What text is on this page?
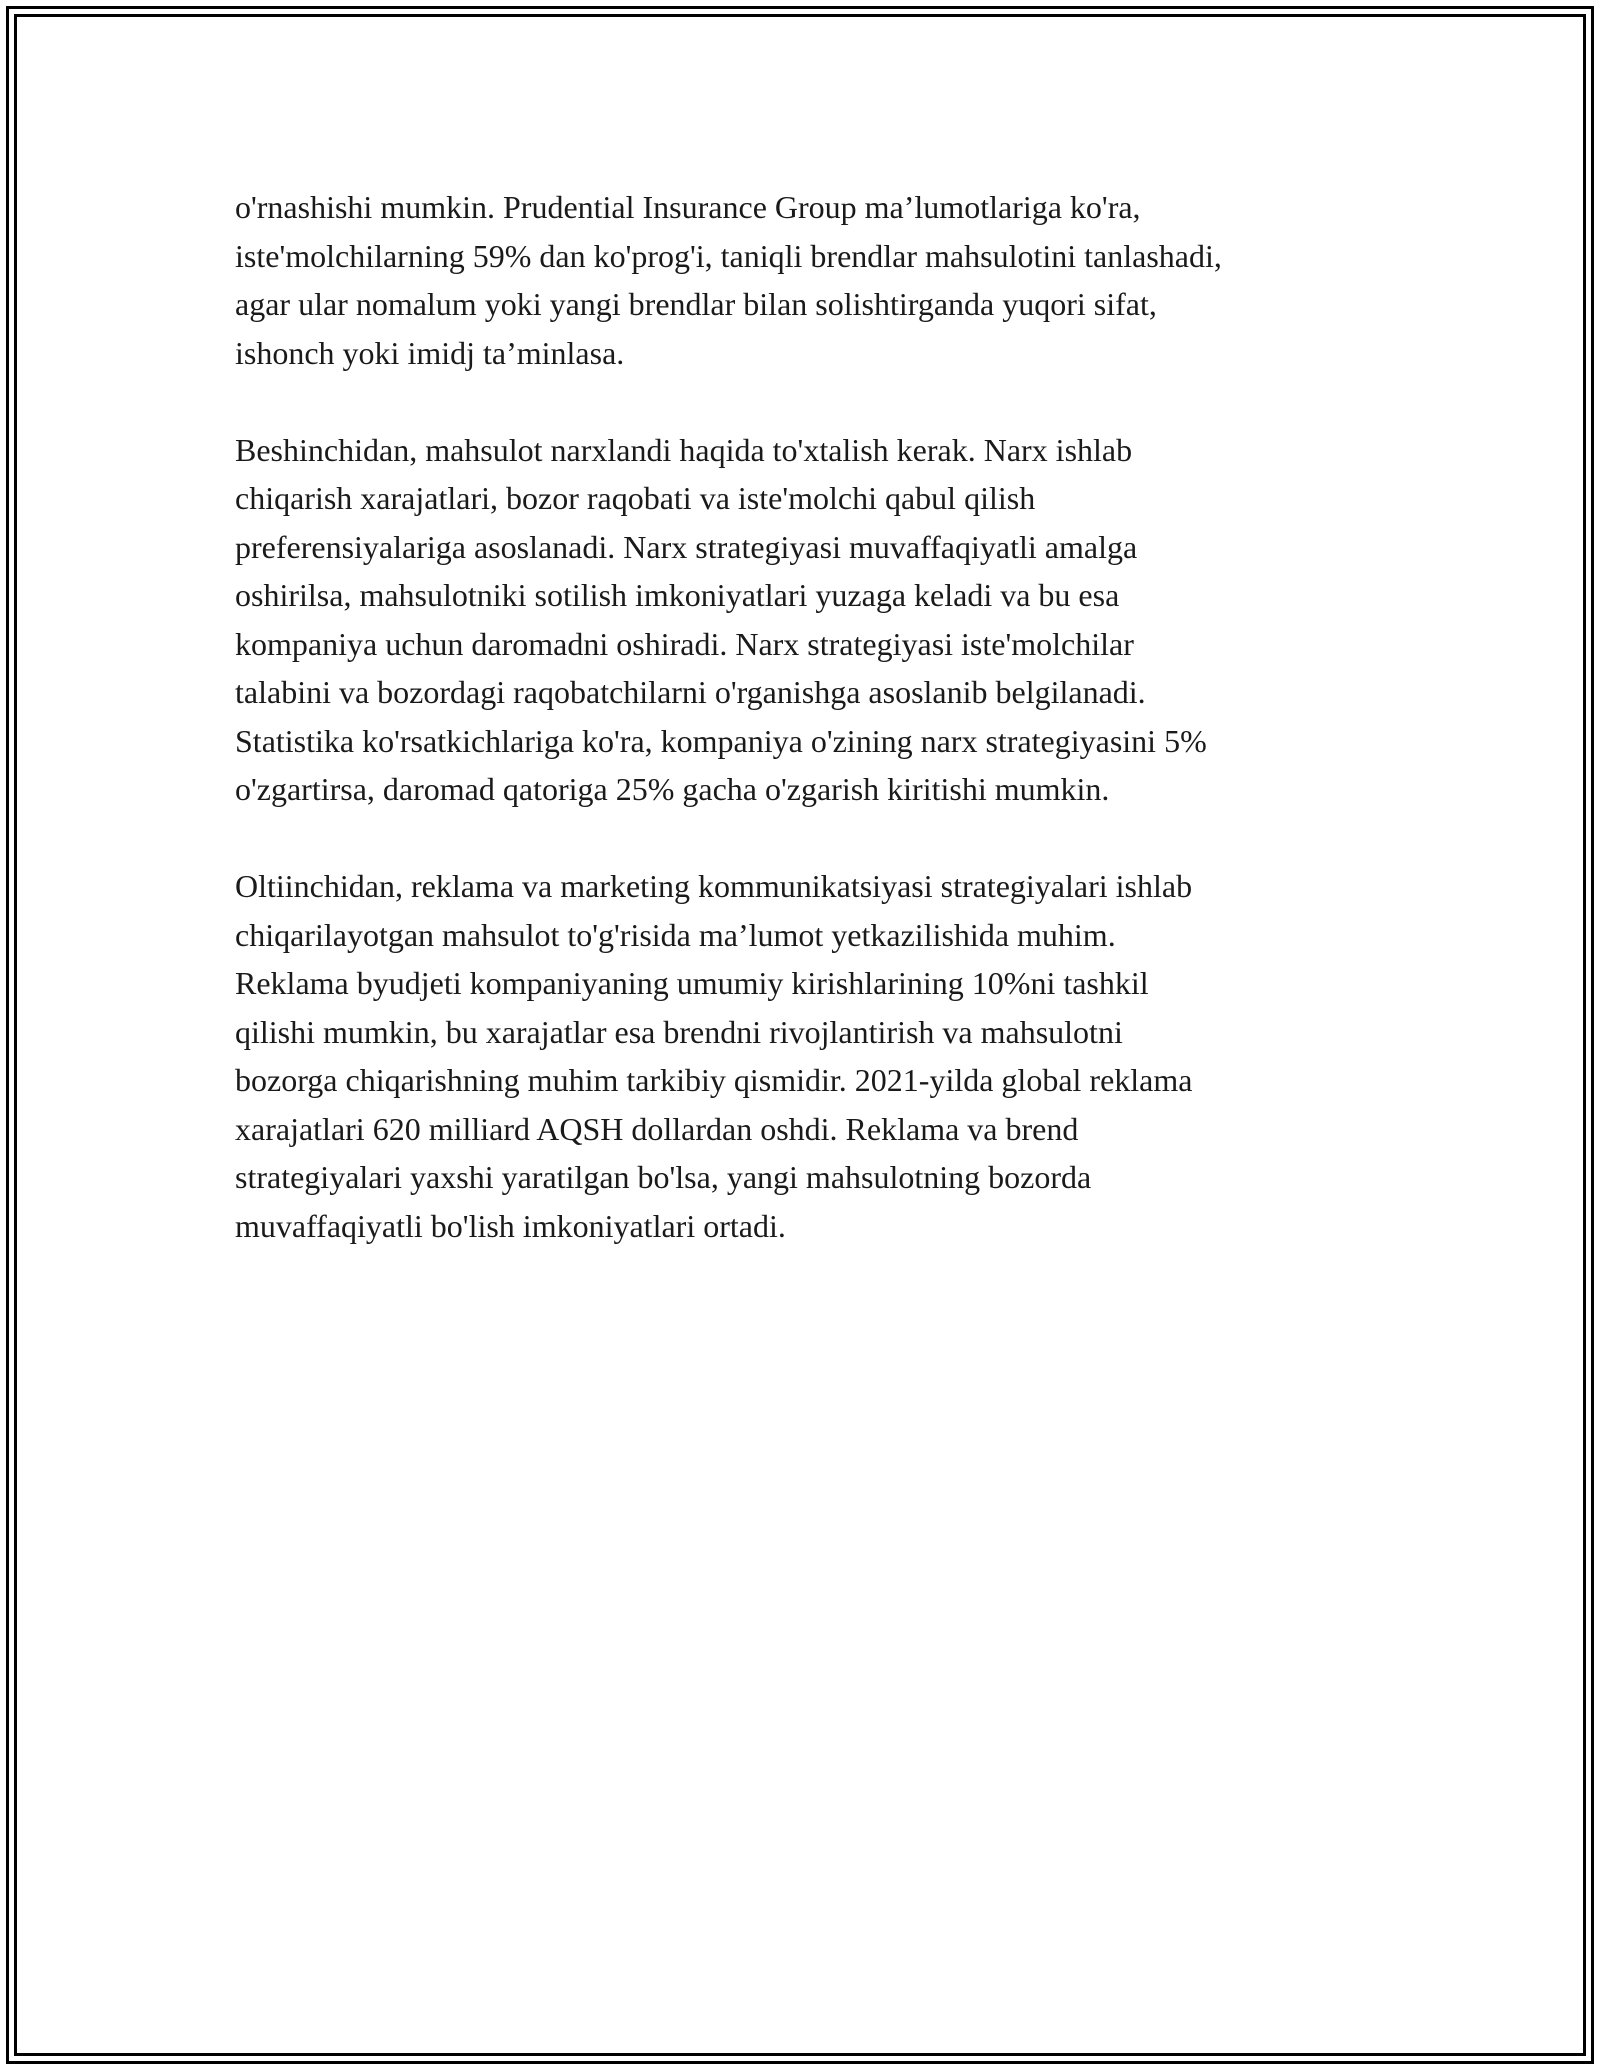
o'rnashishi mumkin. Prudential Insurance Group ma’lumotlariga ko'ra,
iste'molchilarning 59% dan ko'prog'i, taniqli brendlar mahsulotini tanlashadi,
agar ular nomalum yoki yangi brendlar bilan solishtirganda yuqori sifat,
ishonch yoki imidj ta’minlasa.

Beshinchidan, mahsulot narxlandi haqida to'xtalish kerak. Narx ishlab
chiqarish xarajatlari, bozor raqobati va iste'molchi qabul qilish
preferensiyalariga asoslanadi. Narx strategiyasi muvaffaqiyatli amalga
oshirilsa, mahsulotniki sotilish imkoniyatlari yuzaga keladi va bu esa
kompaniya uchun daromadni oshiradi. Narx strategiyasi iste'molchilar
talabini va bozordagi raqobatchilarni o'rganishga asoslanib belgilanadi.
Statistika ko'rsatkichlariga ko'ra, kompaniya o'zining narx strategiyasini 5%
o'zgartirsa, daromad qatoriga 25% gacha o'zgarish kiritishi mumkin.

Oltiinchidan, reklama va marketing kommunikatsiyasi strategiyalari ishlab
chiqarilayotgan mahsulot to'g'risida ma’lumot yetkazilishida muhim.
Reklama byudjeti kompaniyaning umumiy kirishlarining 10%ni tashkil
qilishi mumkin, bu xarajatlar esa brendni rivojlantirish va mahsulotni
bozorga chiqarishning muhim tarkibiy qismidir. 2021-yilda global reklama
xarajatlari 620 milliard AQSH dollardan oshdi. Reklama va brend
strategiyalari yaxshi yaratilgan bo'lsa, yangi mahsulotning bozorda
muvaffaqiyatli bo'lish imkoniyatlari ortadi.
